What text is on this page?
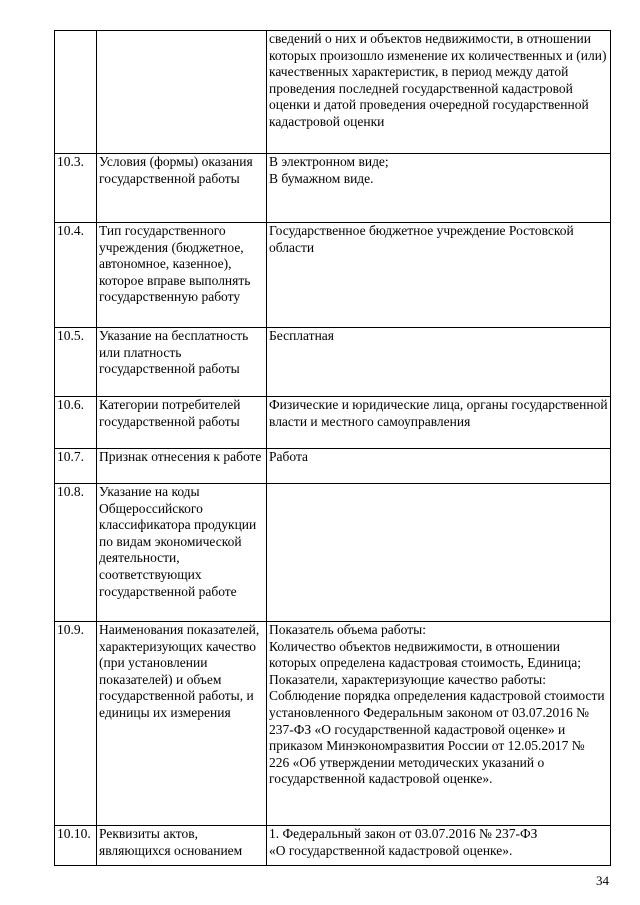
		сведений о них и объектов недвижимости, в отношении которых произошло изменение их количественных и (или) качественных характеристик, в период между датой проведения последней государственной кадастровой оценки и датой проведения очередной государственной кадастровой оценки
10.3.	Условия (формы) оказания государственной работы	В электронном виде;
В бумажном виде.

10.4.	Тип государственного учреждения (бюджетное, автономное, казенное), которое вправе выполнять государственную работу	Государственное бюджетное учреждение Ростовской области
10.5.	Указание на бесплатность или платность государственной работы	Бесплатная
10.6.	Категории потребителей государственной работы	Физические и юридические лица, органы государственной власти и местного самоуправления
10.7.	Признак отнесения к работе	Работа
10.8.	Указание на коды Общероссийского классификатора продукции по видам экономической деятельности, соответствующих государственной работе	
10.9.	Наименования показателей, характеризующих качество (при установлении показателей) и объем государственной работы, и единицы их измерения	Показатель объема работы:
Количество объектов недвижимости, в отношении которых определена кадастровая стоимость, Единица; Показатели, характеризующие качество работы:
Соблюдение порядка определения кадастровой стоимости установленного Федеральным законом от 03.07.2016 № 237-ФЗ «О государственной кадастровой оценке» и приказом Минэкономразвития России от 12.05.2017 № 226 «Об утверждении методических указаний о государственной кадастровой оценке».

10.10.	Реквизиты актов, являющихся основанием	1. Федеральный закон от 03.07.2016 № 237-ФЗ
«О государственной кадастровой оценке».
34
